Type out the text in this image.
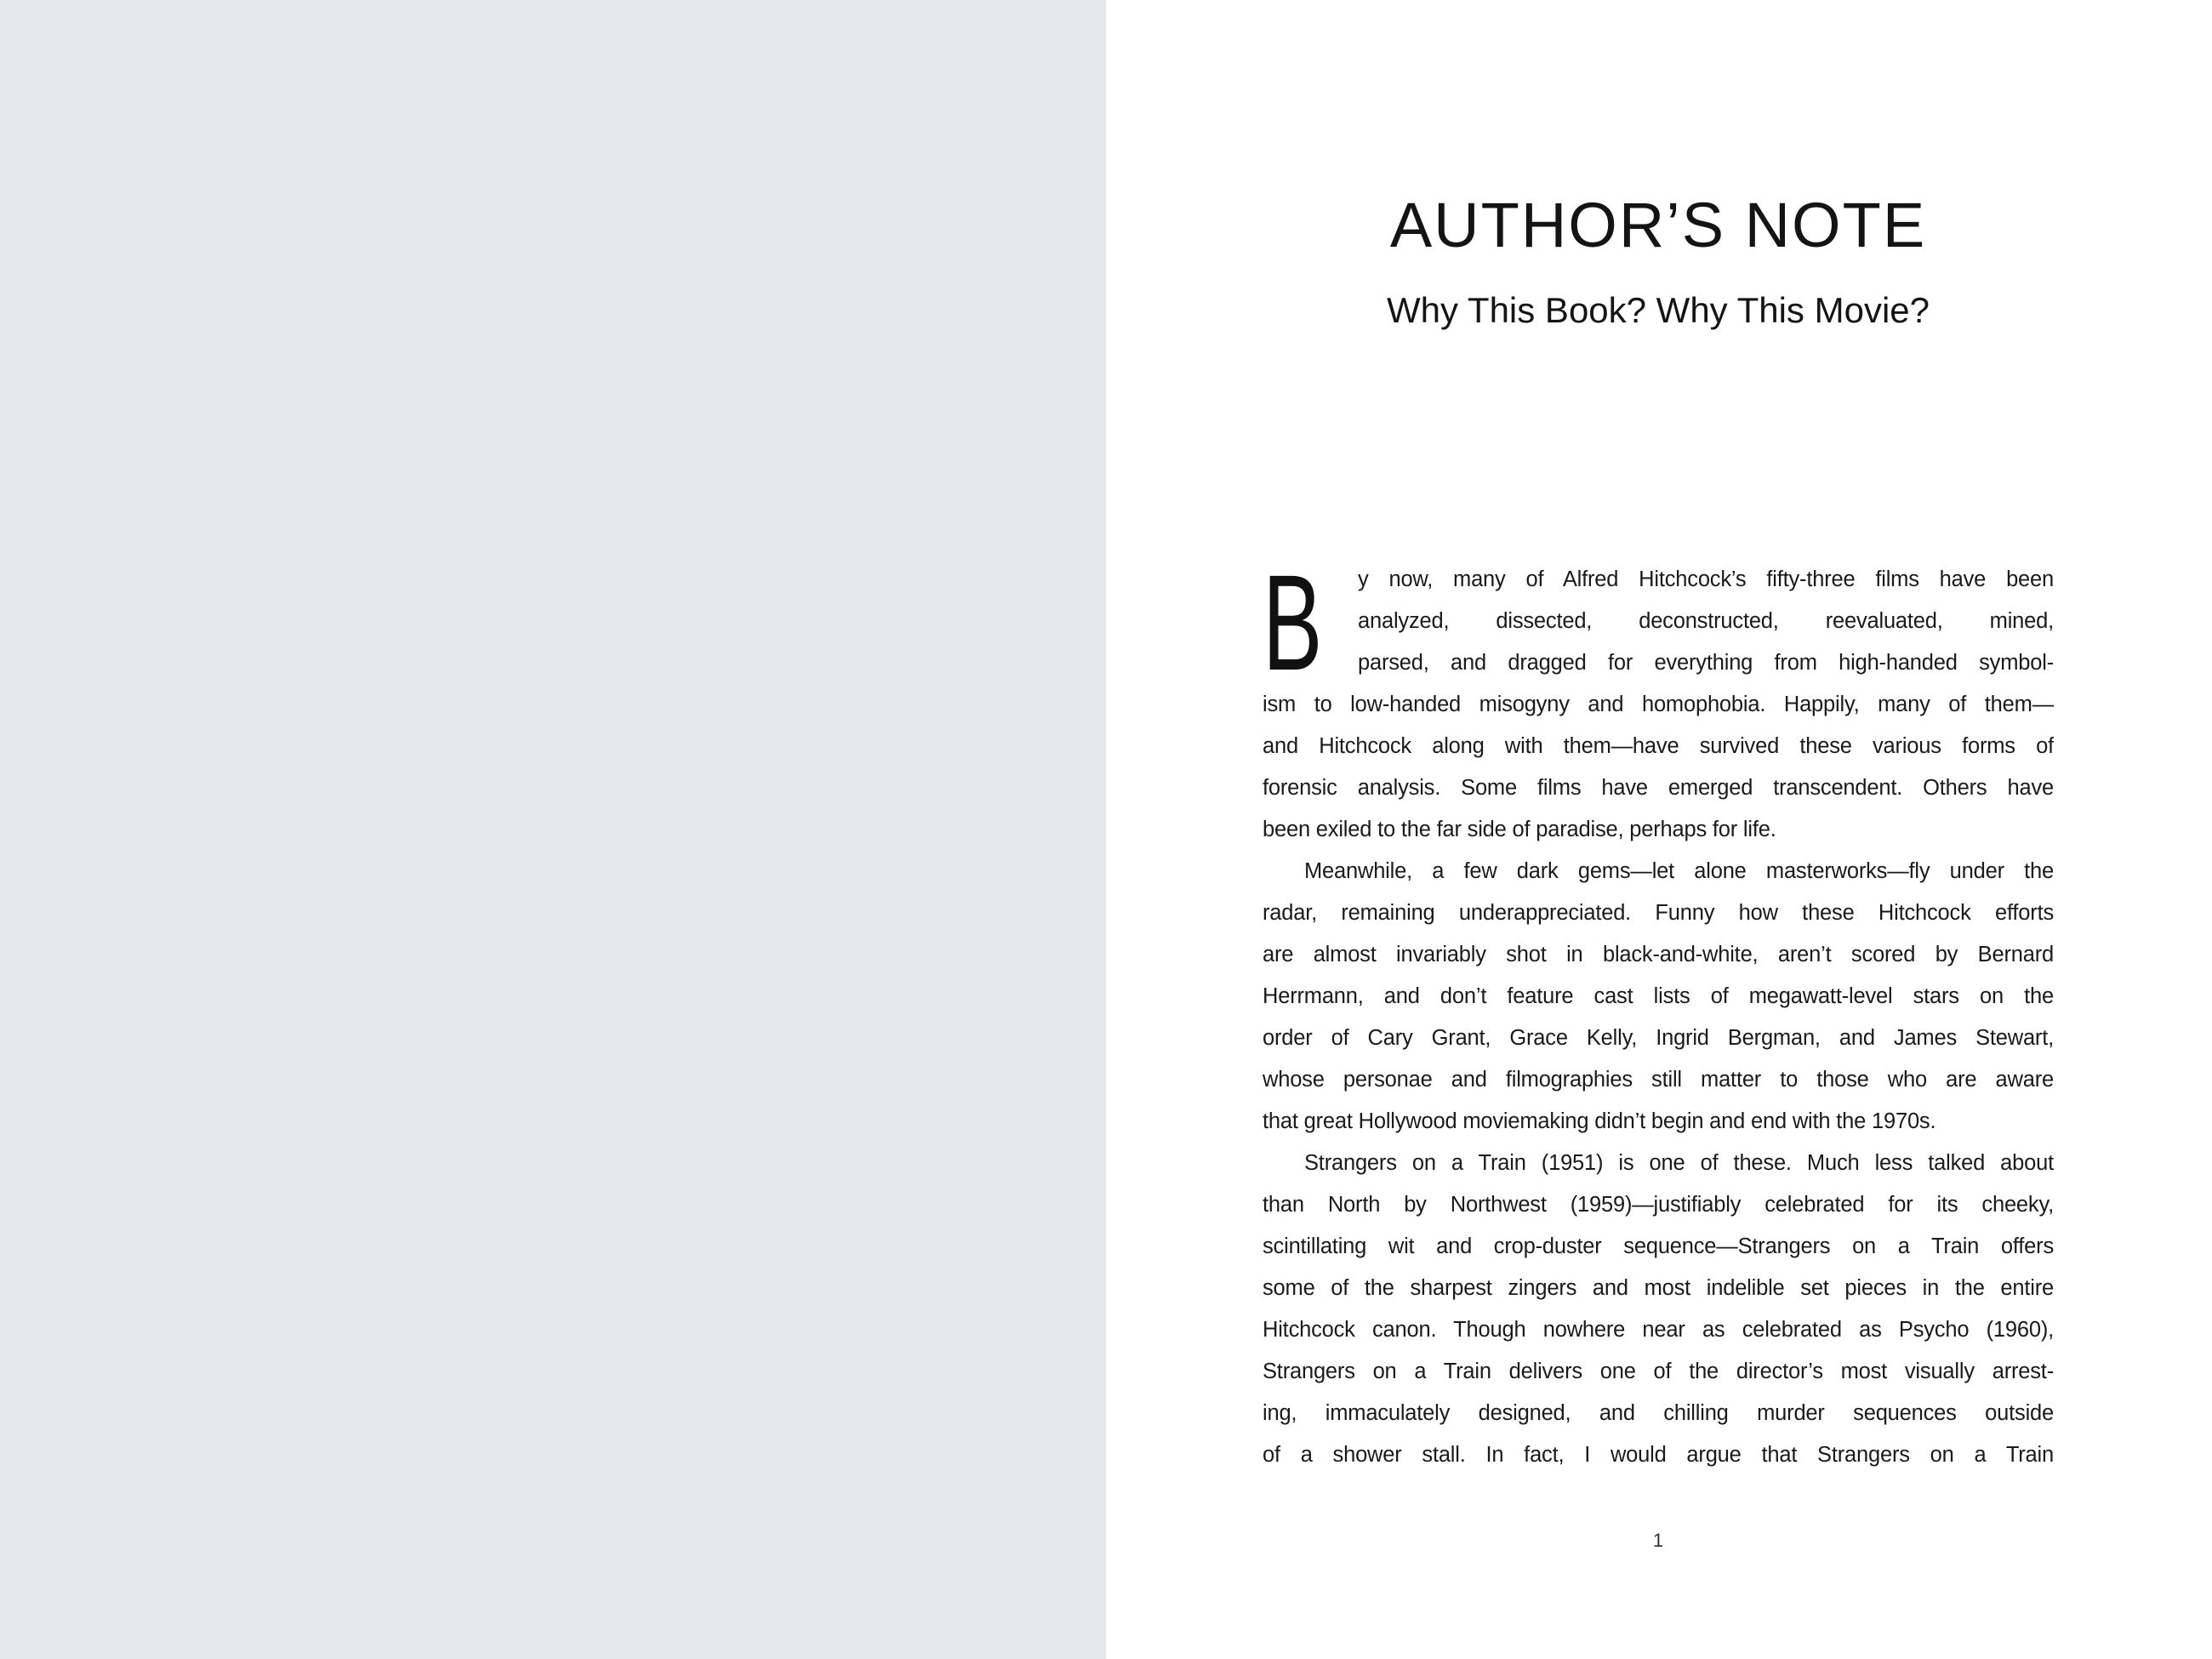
AUTHOR’S NOTE
Why This Book? Why This Movie?
B y now, many of Alfred Hitchcock’s fifty-three films have been
analyzed, dissected, deconstructed, reevaluated, mined,
parsed, and dragged for everything from high-handed symbol-
ism to low-handed misogyny and homophobia. Happily, many of them—
and Hitchcock along with them—have survived these various forms of
forensic analysis. Some films have emerged transcendent. Others have
been exiled to the far side of paradise, perhaps for life.
Meanwhile, a few dark gems—let alone masterworks—fly under the
radar, remaining underappreciated. Funny how these Hitchcock efforts
are almost invariably shot in black-and-white, aren’t scored by Bernard
Herrmann, and don’t feature cast lists of megawatt-level stars on the
order of Cary Grant, Grace Kelly, Ingrid Bergman, and James Stewart,
whose personae and filmographies still matter to those who are aware
that great Hollywood moviemaking didn’t begin and end with the 1970s.
Strangers on a Train (1951) is one of these. Much less talked about
than North by Northwest (1959)—justifiably celebrated for its cheeky,
scintillating wit and crop-duster sequence—Strangers on a Train offers
some of the sharpest zingers and most indelible set pieces in the entire
Hitchcock canon. Though nowhere near as celebrated as Psycho (1960),
Strangers on a Train delivers one of the director’s most visually arrest-
ing, immaculately designed, and chilling murder sequences outside
of a shower stall. In fact, I would argue that Strangers on a Train
1
